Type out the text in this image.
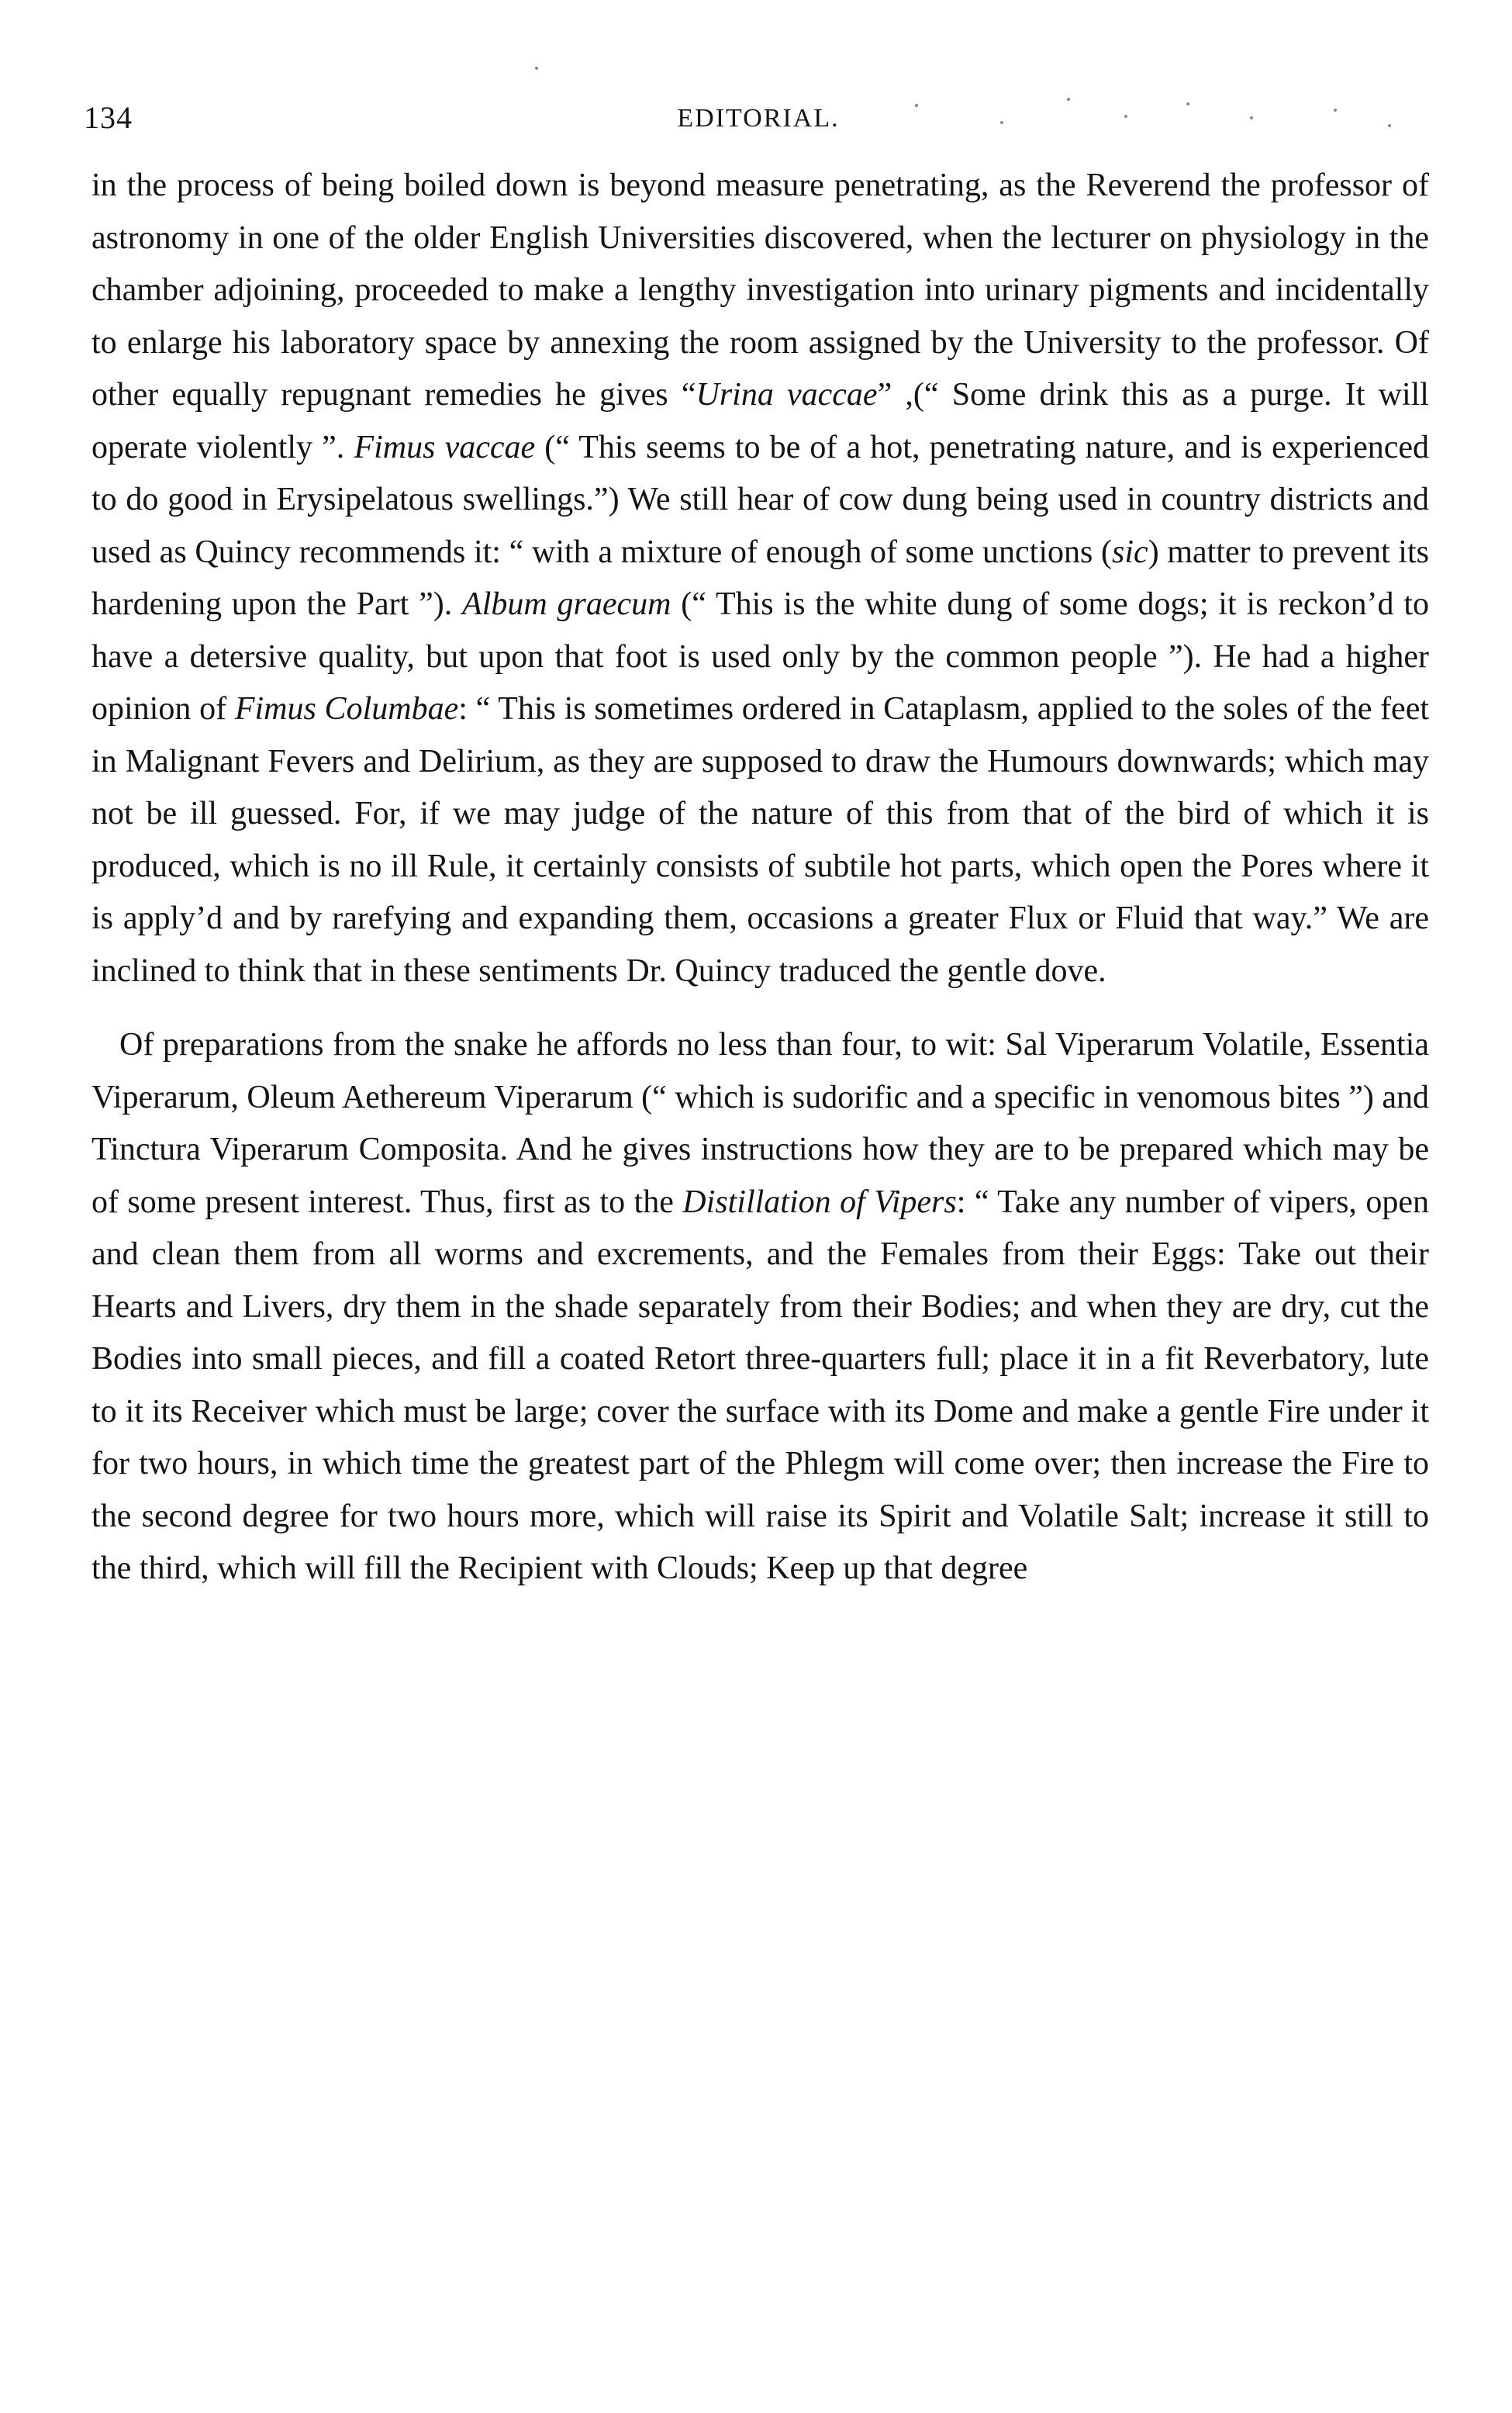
134	EDITORIAL.

in the process of being boiled down is beyond measure penetrating, as the Reverend the professor of astronomy in one of the older English Universities discovered, when the lecturer on physiology in the chamber adjoining, proceeded to make a lengthy investigation into urinary pigments and incidentally to enlarge his laboratory space by annexing the room assigned by the University to the professor. Of other equally repugnant remedies he gives “Urina vaccae” ,(“ Some drink this as a purge. It will operate violently ”. Fimus vaccae (“ This seems to be of a hot, penetrating nature, and is experienced to do good in Erysipelatous swellings.”) We still hear of cow dung being used in country districts and used as Quincy recommends it: “ with a mixture of enough of some unctions (sic) matter to prevent its hardening upon the Part ”). Album graecum (“ This is the white dung of some dogs; it is reckon’d to have a detersive quality, but upon that foot is used only by the common people ”). He had a higher opinion of Fimus Columbae: “ This is sometimes ordered in Cataplasm, applied to the soles of the feet in Malignant Fevers and Delirium, as they are supposed to draw the Humours downwards; which may not be ill guessed. For, if we may judge of the nature of this from that of the bird of which it is produced, which is no ill Rule, it certainly consists of subtile hot parts, which open the Pores where it is apply’d and by rarefying and expanding them, occasions a greater Flux or Fluid that way.” We are inclined to think that in these sentiments Dr. Quincy traduced the gentle dove.

Of preparations from the snake he affords no less than four, to wit: Sal Viperarum Volatile, Essentia Viperarum, Oleum Aethereum Viperarum (“ which is sudorific and a specific in venomous bites ”) and Tinctura Viperarum Composita. And he gives instructions how they are to be prepared which may be of some present interest. Thus, first as to the Distillation of Vipers: “ Take any number of vipers, open and clean them from all worms and excrements, and the Females from their Eggs: Take out their Hearts and Livers, dry them in the shade separately from their Bodies; and when they are dry, cut the Bodies into small pieces, and fill a coated Retort three-quarters full; place it in a fit Reverbatory, lute to it its Receiver which must be large; cover the surface with its Dome and make a gentle Fire under it for two hours, in which time the greatest part of the Phlegm will come over; then increase the Fire to the second degree for two hours more, which will raise its Spirit and Volatile Salt; increase it still to the third, which will fill the Recipient with Clouds; Keep up that degree
